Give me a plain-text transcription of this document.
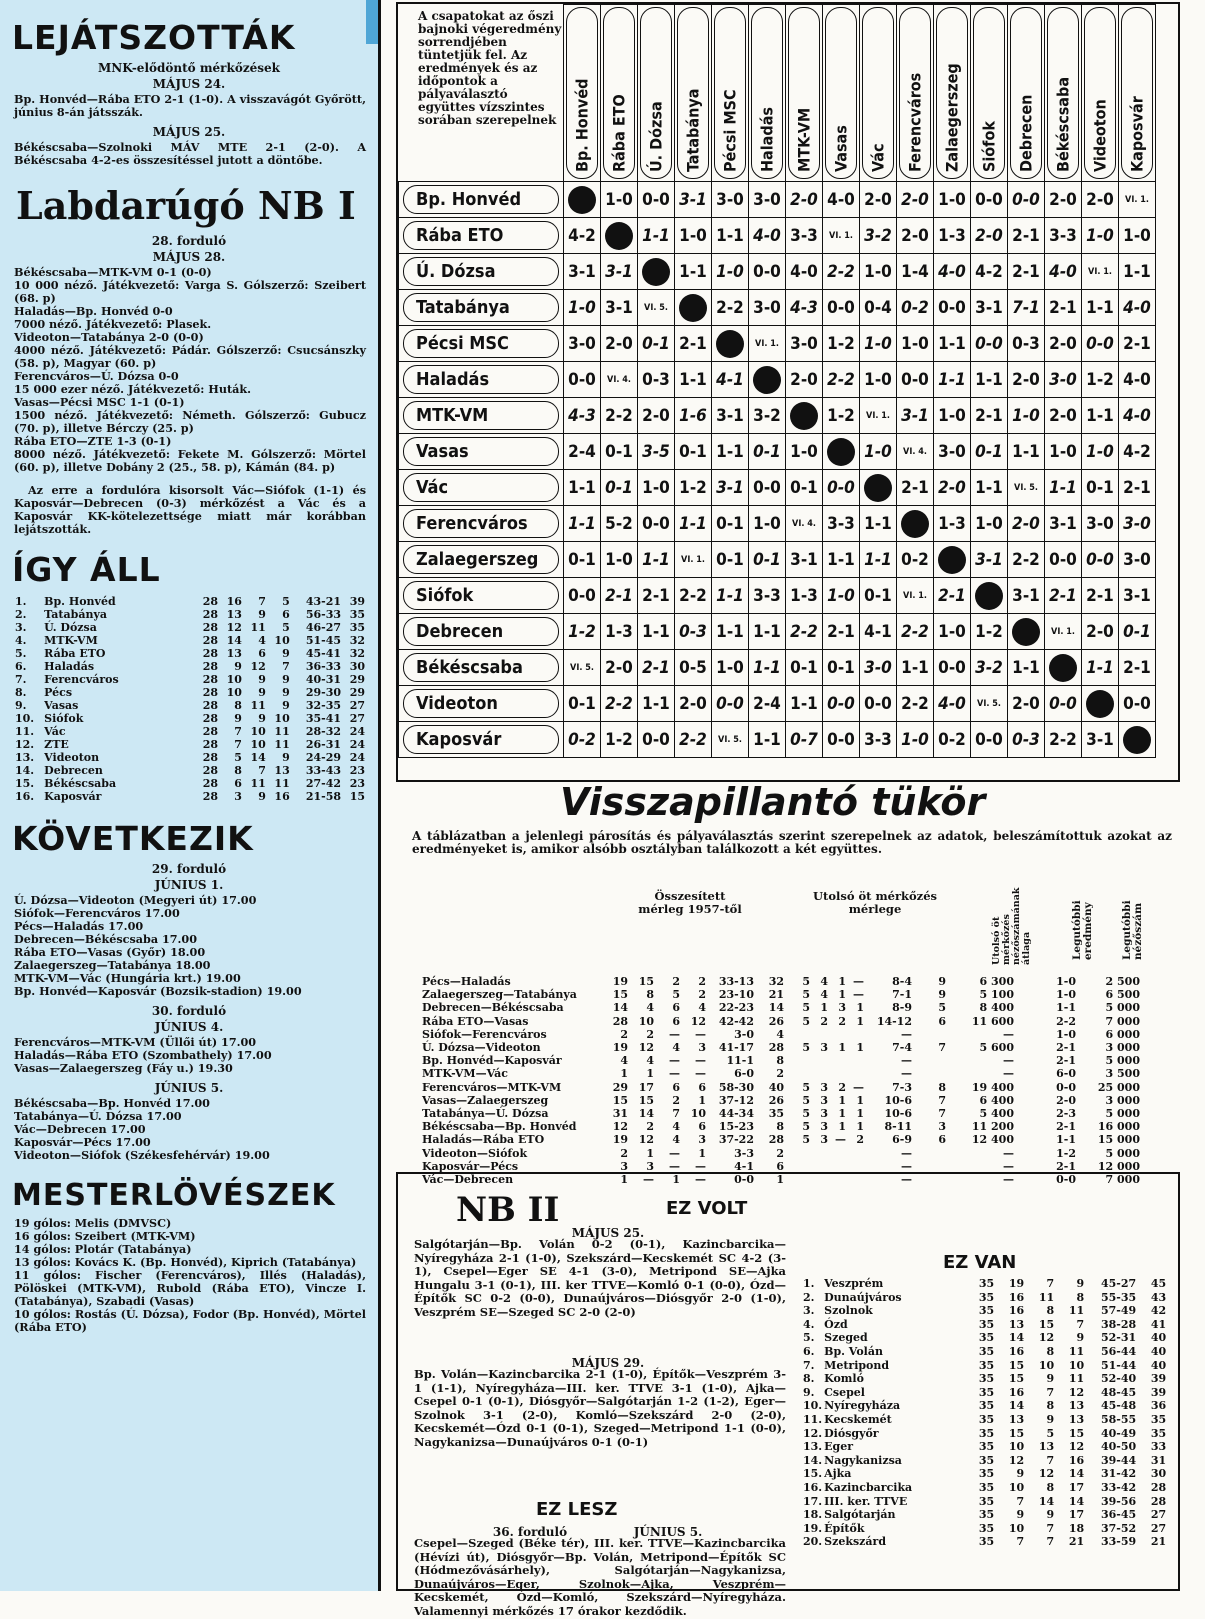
LEJÁTSZOTTÁK
MNK-elődöntő mérkőzések
MÁJUS 24.
Bp. Honvéd—Rába ETO 2-1 (1-0). A visszavágót Győrött, június 8-án játsszák.
MÁJUS 25.
Békéscsaba—Szolnoki MÁV MTE 2-1 (2-0). A Békéscsaba 4-2-es összesítéssel jutott a döntőbe.
Labdarúgó NB I
28. forduló
MÁJUS 28.

Békéscsaba—MTK-VM 0-1 (0-0)

10 000 néző. Játékvezető: Varga S. Gólszerző: Szeibert (68. p)

Haladás—Bp. Honvéd 0-0

7000 néző. Játékvezető: Plasek.

Videoton—Tatabánya 2-0 (0-0)

4000 néző. Játékvezető: Pádár. Gólszerző: Csucsánszky (58. p), Magyar (60. p)

Ferencváros—Ú. Dózsa 0-0

15 000 ezer néző. Játékvezető: Huták.

Vasas—Pécsi MSC 1-1 (0-1)

1500 néző. Játékvezető: Németh. Gólszerző: Gubucz (70. p), illetve Bérczy (25. p)

Rába ETO—ZTE 1-3 (0-1)

8000 néző. Játékvezető: Fekete M. Gólszerző: Mörtel (60. p), illetve Dobány 2 (25., 58. p), Kámán (84. p)

Az erre a fordulóra kisorsolt Vác—Siófok (1-1) és Kaposvár—Debrecen (0-3) mérkőzést a Vác és a Kaposvár KK-kötelezettsége miatt már korábban lejátszották.
ÍGY ÁLL
1.	Bp. Honvéd	28	16	7	5	43-21	39
2.	Tatabánya	28	13	9	6	56-33	35
3.	Ú. Dózsa	28	12	11	5	46-27	35
4.	MTK-VM	28	14	4	10	51-45	32
5.	Rába ETO	28	13	6	9	45-41	32
6.	Haladás	28	9	12	7	36-33	30
7.	Ferencváros	28	10	9	9	40-31	29
8.	Pécs	28	10	9	9	29-30	29
9.	Vasas	28	8	11	9	32-35	27
10.	Siófok	28	9	9	10	35-41	27
11.	Vác	28	7	10	11	28-32	24
12.	ZTE	28	7	10	11	26-31	24
13.	Videoton	28	5	14	9	24-29	24
14.	Debrecen	28	8	7	13	33-43	23
15.	Békéscsaba	28	6	11	11	27-42	23
16.	Kaposvár	28	3	9	16	21-58	15
KÖVETKEZIK
29. forduló
JÚNIUS 1.

Ú. Dózsa—Videoton (Megyeri út) 17.00

Siófok—Ferencváros 17.00

Pécs—Haladás 17.00

Debrecen—Békéscsaba 17.00

Rába ETO—Vasas (Győr) 18.00

Zalaegerszeg—Tatabánya 18.00

MTK-VM—Vác (Hungária krt.) 19.00

Bp. Honvéd—Kaposvár (Bozsik-stadion) 19.00

30. forduló
JÚNIUS 4.

Ferencváros—MTK-VM (Üllői út) 17.00

Haladás—Rába ETO (Szombathely) 17.00

Vasas—Zalaegerszeg (Fáy u.) 19.30

JÚNIUS 5.

Békéscsaba—Bp. Honvéd 17.00

Tatabánya—Ú. Dózsa 17.00

Vác—Debrecen 17.00

Kaposvár—Pécs 17.00

Videoton—Siófok (Székesfehérvár) 19.00

MESTERLÖVÉSZEK

19 gólos: Melis (DMVSC)

16 gólos: Szeibert (MTK-VM)

14 gólos: Plotár (Tatabánya)

13 gólos: Kovács K. (Bp. Honvéd), Kiprich (Tatabánya)

11 gólos: Fischer (Ferencváros), Illés (Haladás), Pölöskei (MTK-VM), Rubold (Rába ETO), Vincze I. (Tatabánya), Szabadi (Vasas)

10 gólos: Rostás (Ú. Dózsa), Fodor (Bp. Honvéd), Mörtel (Rába ETO)

	Bp. Honvéd	Rába ETO	Ú. Dózsa	Tatabánya	Pécsi MSC	Haladás	MTK-VM	Vasas	Vác	Ferencváros	Zalaegerszeg	Siófok	Debrecen	Békéscsaba	Videoton	Kaposvár

Bp. Honvéd		1-0	0-0	3-1	3-0	3-0	2-0	4-0	2-0	2-0	1-0	0-0	0-0	2-0	2-0	VI. 1.

Rába ETO	4-2		1-1	1-0	1-1	4-0	3-3	VI. 1.	3-2	2-0	1-3	2-0	2-1	3-3	1-0	1-0

Ú. Dózsa	3-1	3-1		1-1	1-0	0-0	4-0	2-2	1-0	1-4	4-0	4-2	2-1	4-0	VI. 1.	1-1

Tatabánya	1-0	3-1	VI. 5.		2-2	3-0	4-3	0-0	0-4	0-2	0-0	3-1	7-1	2-1	1-1	4-0

Pécsi MSC	3-0	2-0	0-1	2-1		VI. 1.	3-0	1-2	1-0	1-0	1-1	0-0	0-3	2-0	0-0	2-1

Haladás	0-0	VI. 4.	0-3	1-1	4-1		2-0	2-2	1-0	0-0	1-1	1-1	2-0	3-0	1-2	4-0

MTK-VM	4-3	2-2	2-0	1-6	3-1	3-2		1-2	VI. 1.	3-1	1-0	2-1	1-0	2-0	1-1	4-0

Vasas	2-4	0-1	3-5	0-1	1-1	0-1	1-0		1-0	VI. 4.	3-0	0-1	1-1	1-0	1-0	4-2

Vác	1-1	0-1	1-0	1-2	3-1	0-0	0-1	0-0		2-1	2-0	1-1	VI. 5.	1-1	0-1	2-1

Ferencváros	1-1	5-2	0-0	1-1	0-1	1-0	VI. 4.	3-3	1-1		1-3	1-0	2-0	3-1	3-0	3-0

Zalaegerszeg	0-1	1-0	1-1	VI. 1.	0-1	0-1	3-1	1-1	1-1	0-2		3-1	2-2	0-0	0-0	3-0

Siófok	0-0	2-1	2-1	2-2	1-1	3-3	1-3	1-0	0-1	VI. 1.	2-1		3-1	2-1	2-1	3-1

Debrecen	1-2	1-3	1-1	0-3	1-1	1-1	2-2	2-1	4-1	2-2	1-0	1-2		VI. 1.	2-0	0-1

Békéscsaba	VI. 5.	2-0	2-1	0-5	1-0	1-1	0-1	0-1	3-0	1-1	0-0	3-2	1-1		1-1	2-1

Videoton	0-1	2-2	1-1	2-0	0-0	2-4	1-1	0-0	0-0	2-2	4-0	VI. 5.	2-0	0-0		0-0

Kaposvár	0-2	1-2	0-0	2-2	VI. 5.	1-1	0-7	0-0	3-3	1-0	0-2	0-0	0-3	2-2	3-1	
A csapatokat az őszi bajnoki végeredmény sorrendjében tüntetjük fel. Az eredmények és az időpontok a pályaválasztó együttes vízszintes sorában szerepelnek
Visszapillantó tükör
A táblázatban a jelenlegi párosítás és pályaválasztás szerint szerepelnek az adatok, beleszámítottuk azokat az eredményeket is, amikor alsóbb osztályban találkozott a két együttes.
Összesített mérleg 1957-től
Utolsó öt mérkőzés mérlege
Utolsó öt mérkőzés nézőszámának átlaga	Legutóbbi eredmény	Legutóbbi nézőszám
Pécs—Haladás	19	15	2	2	33-13	32	5	4	1	—	8-4	9	6 300	1-0	2 500
Zalaegerszeg—Tatabánya	15	8	5	2	23-10	21	5	4	1	—	7-1	9	5 100	1-0	6 500
Debrecen—Békéscsaba	14	4	6	4	22-23	14	5	1	3	1	8-9	5	8 400	1-1	5 000
Rába ETO—Vasas	28	10	6	12	42-42	26	5	2	2	1	14-12	6	11 600	2-2	7 000
Siófok—Ferencváros	2	2	—	—	3-0	4					—		—	1-0	6 000
Ú. Dózsa—Videoton	19	12	4	3	41-17	28	5	3	1	1	7-4	7	5 600	2-1	3 000
Bp. Honvéd—Kaposvár	4	4	—	—	11-1	8					—		—	2-1	5 000
MTK-VM—Vác	1	1	—	—	6-0	2					—		—	6-0	3 500
Ferencváros—MTK-VM	29	17	6	6	58-30	40	5	3	2	—	7-3	8	19 400	0-0	25 000
Vasas—Zalaegerszeg	15	15	2	1	37-12	26	5	3	1	1	10-6	7	6 400	2-0	3 000
Tatabánya—Ú. Dózsa	31	14	7	10	44-34	35	5	3	1	1	10-6	7	5 400	2-3	5 000
Békéscsaba—Bp. Honvéd	12	2	4	6	15-23	8	5	3	1	1	8-11	3	11 200	2-1	16 000
Haladás—Rába ETO	19	12	4	3	37-22	28	5	3	—	2	6-9	6	12 400	1-1	15 000
Videoton—Siófok	2	1	—	1	3-3	2					—		—	1-2	5 000
Kaposvár—Pécs	3	3	—	—	4-1	6					—		—	2-1	12 000
Vác—Debrecen	1	—	1	—	0-0	1					—		—	0-0	7 000
NB II	EZ VOLT
MÁJUS 25.
Salgótarján—Bp. Volán 0-2 (0-1), Kazincbarcika—Nyíregyháza 2-1 (1-0), Szekszárd—Kecskemét SC 4-2 (3-1), Csepel—Eger SE 4-1 (3-0), Metripond SE—Ajka Hungalu 3-1 (0-1), III. ker TTVE—Komló 0-1 (0-0), Ózd—Építők SC 0-2 (0-0), Dunaújváros—Diósgyőr 2-0 (1-0), Veszprém SE—Szeged SC 2-0 (2-0)
MÁJUS 29.
Bp. Volán—Kazincbarcika 2-1 (1-0), Építők—Veszprém 3-1 (1-1), Nyíregyháza—III. ker. TTVE 3-1 (1-0), Ajka—Csepel 0-1 (0-1), Diósgyőr—Salgótarján 1-2 (1-2), Eger—Szolnok 3-1 (2-0), Komló—Szekszárd 2-0 (2-0), Kecskemét—Ózd 0-1 (0-1), Szeged—Metripond 1-1 (0-0), Nagykanizsa—Dunaújváros 0-1 (0-1)
EZ LESZ
36. forduló	JÚNIUS 5.
Csepel—Szeged (Béke tér), III. ker. TTVE—Kazincbarcika (Hévízi út), Diósgyőr—Bp. Volán, Metripond—Építők SC (Hódmezővásárhely), Salgótarján—Nagykanizsa, Dunaújváros—Eger, Szolnok—Ajka, Veszprém—Kecskemét, Ózd—Komló, Szekszárd—Nyíregyháza. Valamennyi mérkőzés 17 órakor kezdődik.
EZ VAN
1.	Veszprém	35	19	7	9	45-27	45
2.	Dunaújváros	35	16	11	8	55-35	43
3.	Szolnok	35	16	8	11	57-49	42
4.	Ózd	35	13	15	7	38-28	41
5.	Szeged	35	14	12	9	52-31	40
6.	Bp. Volán	35	16	8	11	56-44	40
7.	Metripond	35	15	10	10	51-44	40
8.	Komló	35	15	9	11	52-40	39
9.	Csepel	35	16	7	12	48-45	39
10.	Nyíregyháza	35	14	8	13	45-48	36
11.	Kecskemét	35	13	9	13	58-55	35
12.	Diósgyőr	35	15	5	15	40-49	35
13.	Eger	35	10	13	12	40-50	33
14.	Nagykanizsa	35	12	7	16	39-44	31
15.	Ajka	35	9	12	14	31-42	30
16.	Kazincbarcika	35	10	8	17	33-42	28
17.	III. ker. TTVE	35	7	14	14	39-56	28
18.	Salgótarján	35	9	9	17	36-45	27
19.	Építők	35	10	7	18	37-52	27
20.	Szekszárd	35	7	7	21	33-59	21
